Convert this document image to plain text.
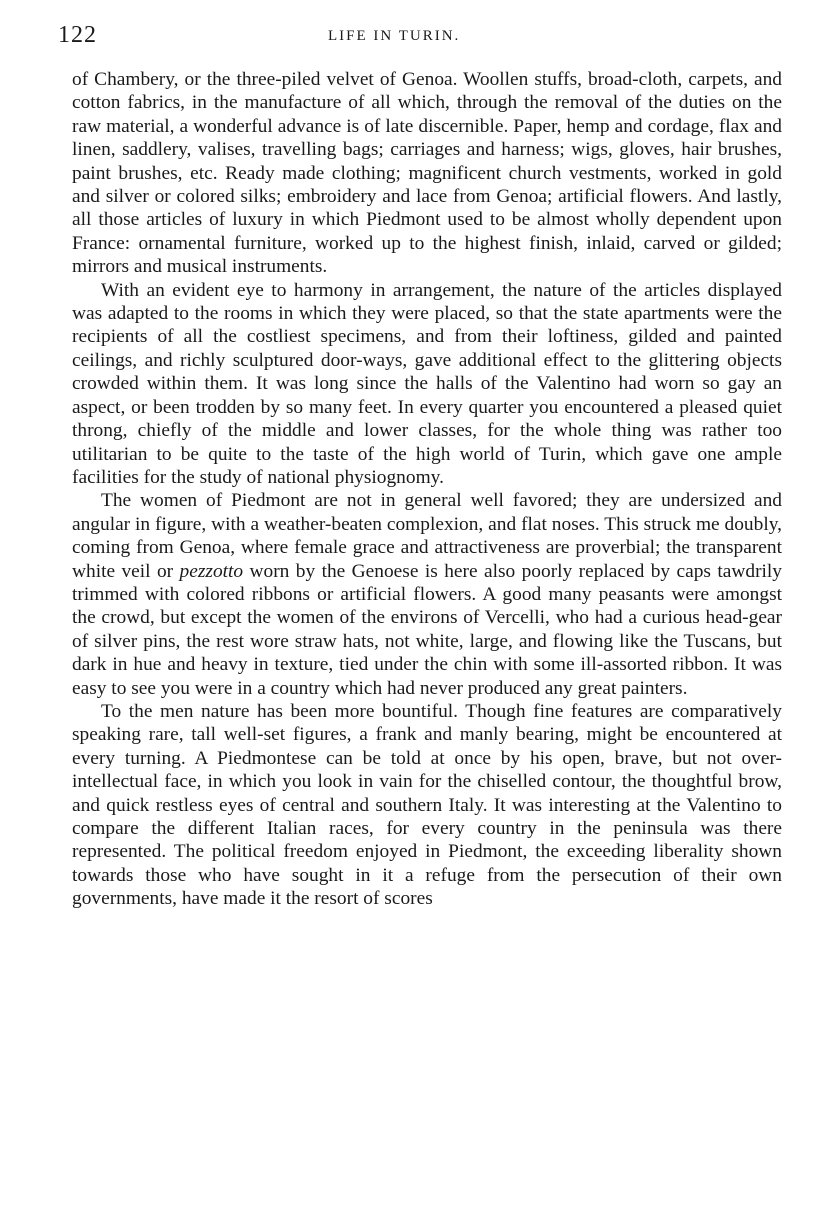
122	LIFE IN TURIN.

of Chambery, or the three-piled velvet of Genoa. Woollen stuffs, broad-cloth, carpets, and cotton fabrics, in the manufacture of all which, through the removal of the duties on the raw material, a wonderful advance is of late discernible. Paper, hemp and cordage, flax and linen, saddlery, valises, travelling bags; carriages and harness; wigs, gloves, hair brushes, paint brushes, etc. Ready made clothing; magnificent church vestments, worked in gold and silver or colored silks; embroidery and lace from Genoa; artificial flowers. And lastly, all those articles of luxury in which Piedmont used to be almost wholly dependent upon France: ornamental furniture, worked up to the highest finish, inlaid, carved or gilded; mirrors and musical instruments.

With an evident eye to harmony in arrangement, the nature of the articles displayed was adapted to the rooms in which they were placed, so that the state apartments were the recipients of all the costliest specimens, and from their loftiness, gilded and painted ceilings, and richly sculptured door-ways, gave additional effect to the glittering objects crowded within them. It was long since the halls of the Valentino had worn so gay an aspect, or been trodden by so many feet. In every quarter you encountered a pleased quiet throng, chiefly of the middle and lower classes, for the whole thing was rather too utilitarian to be quite to the taste of the high world of Turin, which gave one ample facilities for the study of national physiognomy.

The women of Piedmont are not in general well favored; they are undersized and angular in figure, with a weather-beaten complexion, and flat noses. This struck me doubly, coming from Genoa, where female grace and attractiveness are proverbial; the transparent white veil or pezzotto worn by the Genoese is here also poorly replaced by caps tawdrily trimmed with colored ribbons or artificial flowers. A good many peasants were amongst the crowd, but except the women of the environs of Vercelli, who had a curious head-gear of silver pins, the rest wore straw hats, not white, large, and flowing like the Tuscans, but dark in hue and heavy in texture, tied under the chin with some ill-assorted ribbon. It was easy to see you were in a country which had never produced any great painters.

To the men nature has been more bountiful. Though fine features are comparatively speaking rare, tall well-set figures, a frank and manly bearing, might be encountered at every turning. A Piedmontese can be told at once by his open, brave, but not over-intellectual face, in which you look in vain for the chiselled contour, the thoughtful brow, and quick restless eyes of central and southern Italy. It was interesting at the Valentino to compare the different Italian races, for every country in the peninsula was there represented. The political freedom enjoyed in Piedmont, the exceeding liberality shown towards those who have sought in it a refuge from the persecution of their own governments, have made it the resort of scores
